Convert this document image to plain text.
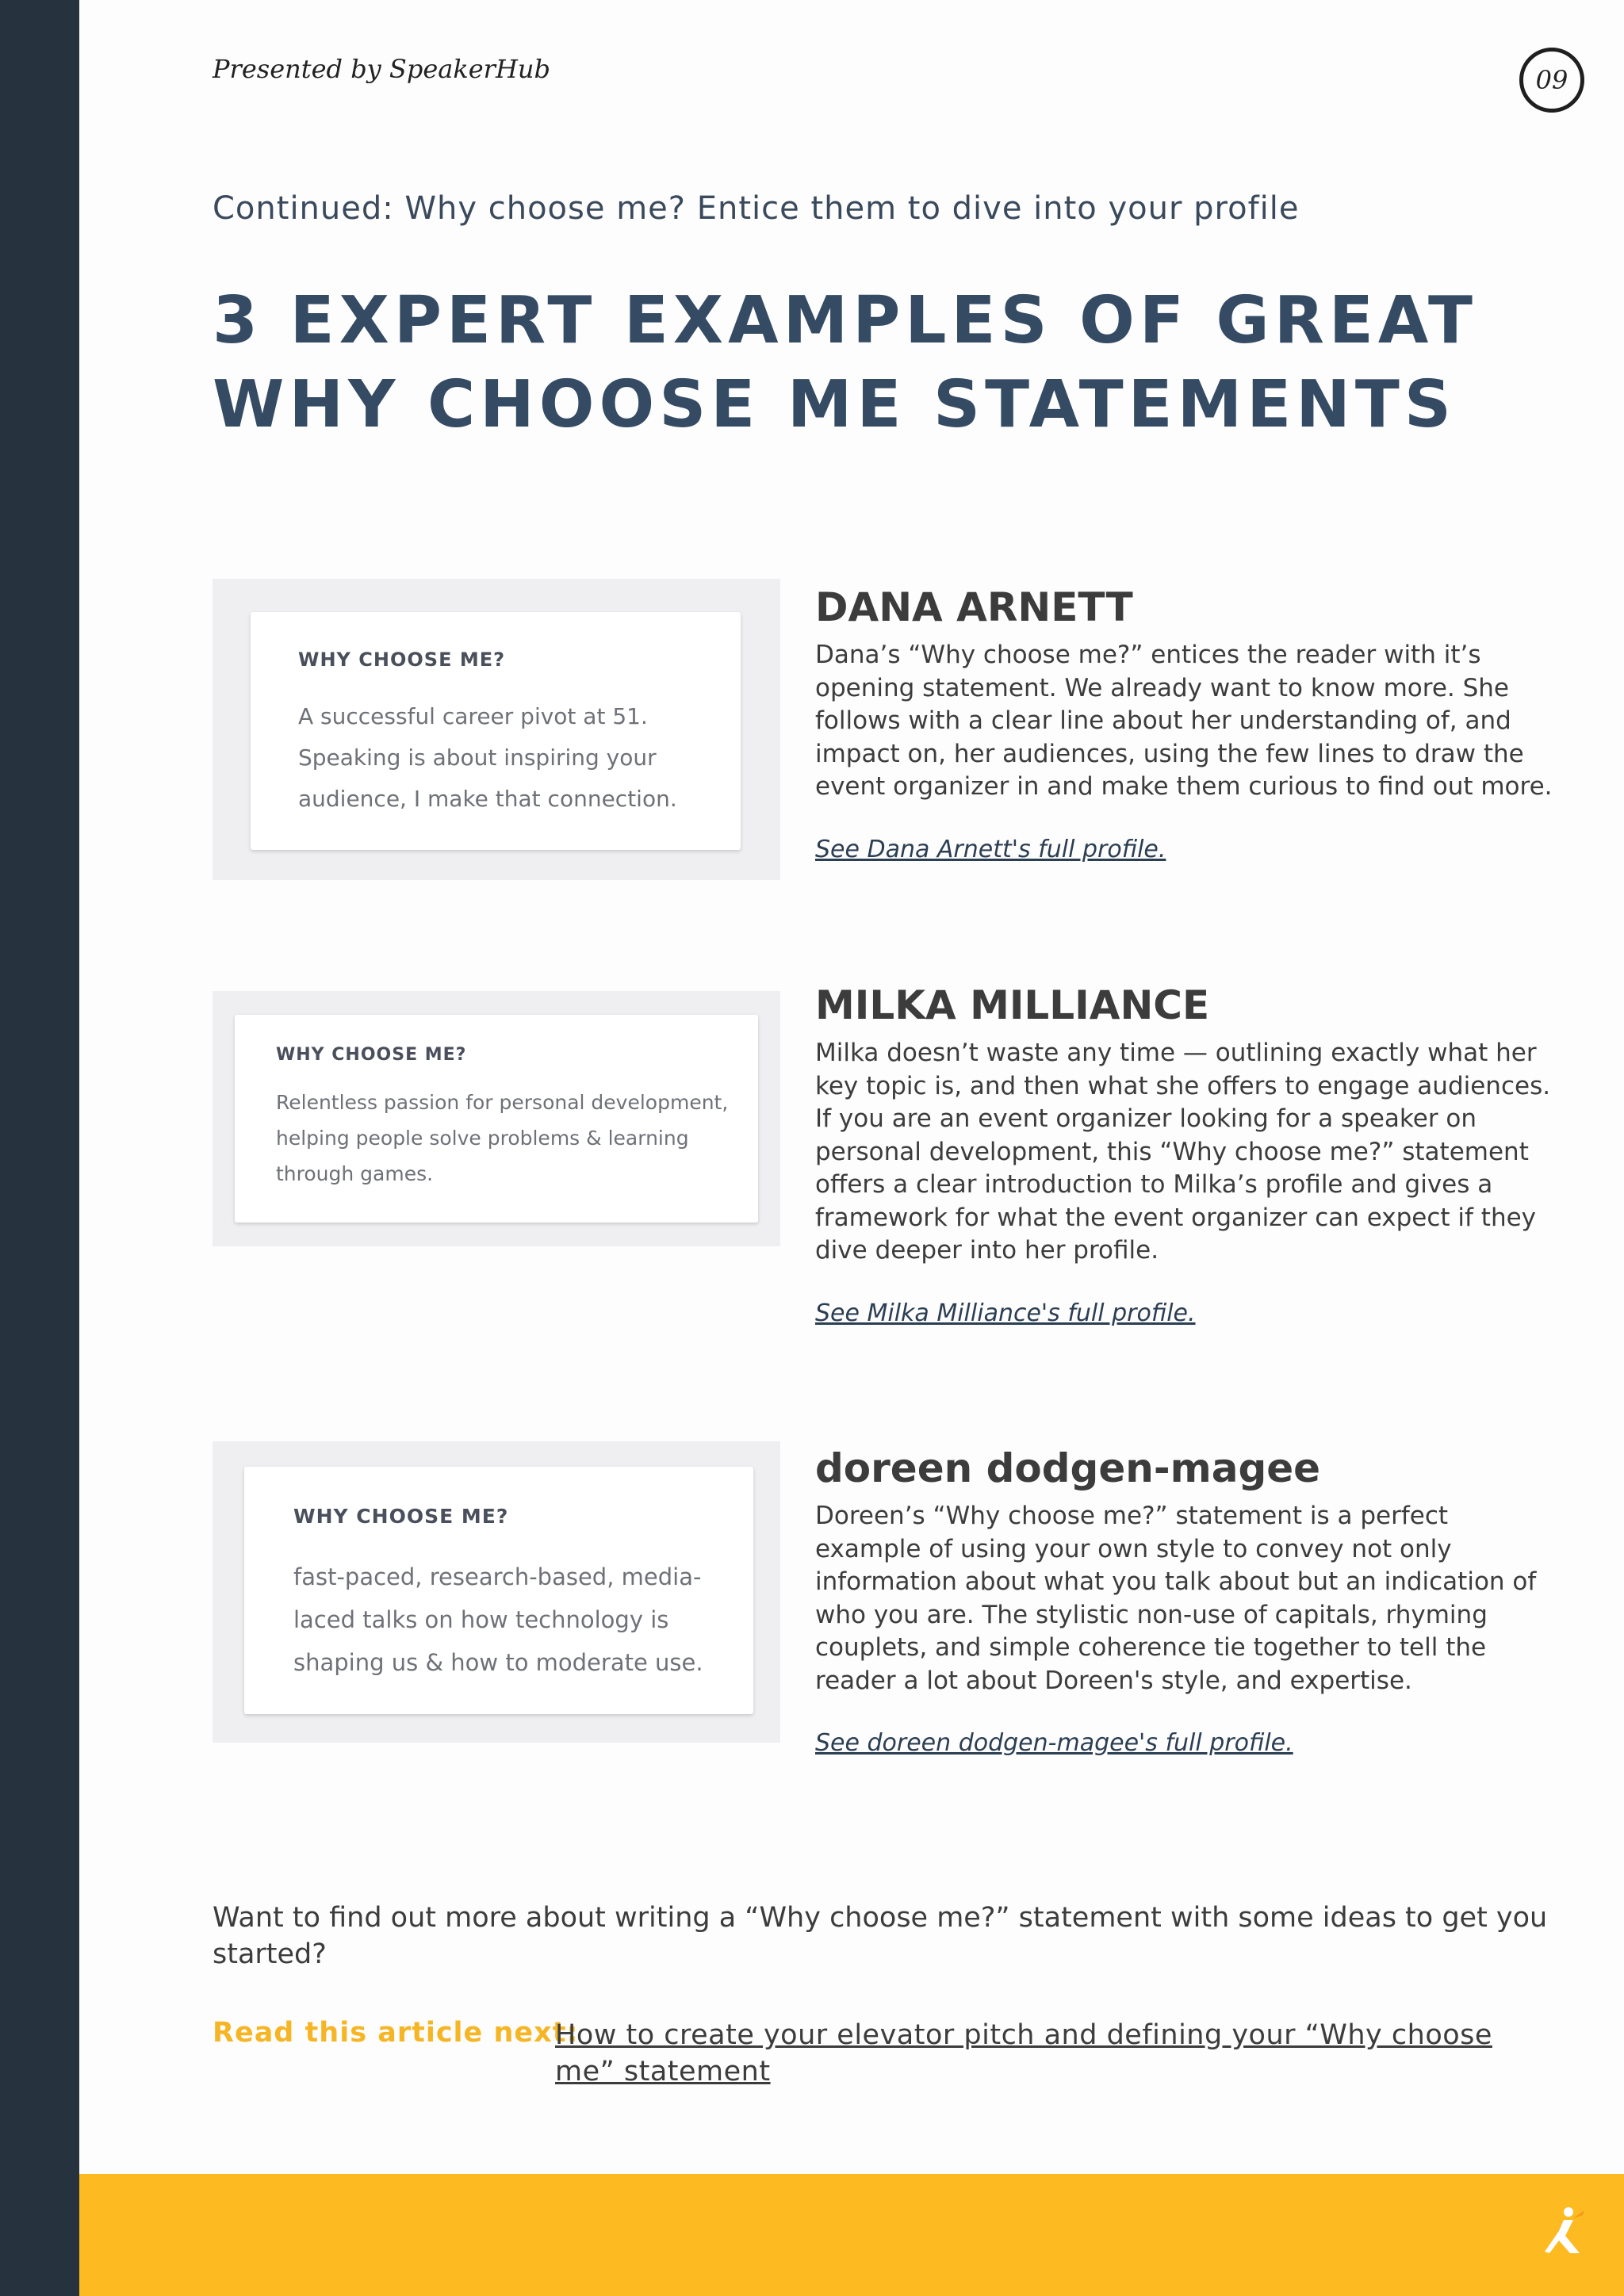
Presented by SpeakerHub	09
Continued: Why choose me? Entice them to dive into your profile
3 EXPERT EXAMPLES OF GREAT
WHY CHOOSE ME STATEMENTS
WHY CHOOSE ME?
A successful career pivot at 51. Speaking is about inspiring your audience, I make that connection.
DANA ARNETT
Dana’s “Why choose me?” entices the reader with it’s opening statement. We already want to know more. She follows with a clear line about her understanding of, and impact on, her audiences, using the few lines to draw the event organizer in and make them curious to find out more.
See Dana Arnett's full profile.
WHY CHOOSE ME?
Relentless passion for personal development, helping people solve problems & learning through games.
MILKA MILLIANCE
Milka doesn’t waste any time — outlining exactly what her key topic is, and then what she offers to engage audiences. If you are an event organizer looking for a speaker on personal development, this “Why choose me?” statement offers a clear introduction to Milka’s profile and gives a framework for what the event organizer can expect if they dive deeper into her profile.
See Milka Milliance's full profile.
WHY CHOOSE ME?
fast-paced, research-based, media-laced talks on how technology is shaping us & how to moderate use.
doreen dodgen-magee
Doreen’s “Why choose me?” statement is a perfect example of using your own style to convey not only information about what you talk about but an indication of who you are. The stylistic non-use of capitals, rhyming couplets, and simple coherence tie together to tell the reader a lot about Doreen's style, and expertise.
See doreen dodgen-magee's full profile.
Want to find out more about writing a “Why choose me?” statement with some ideas to get you started?
Read this article next:
How to create your elevator pitch and defining your “Why choose me” statement
